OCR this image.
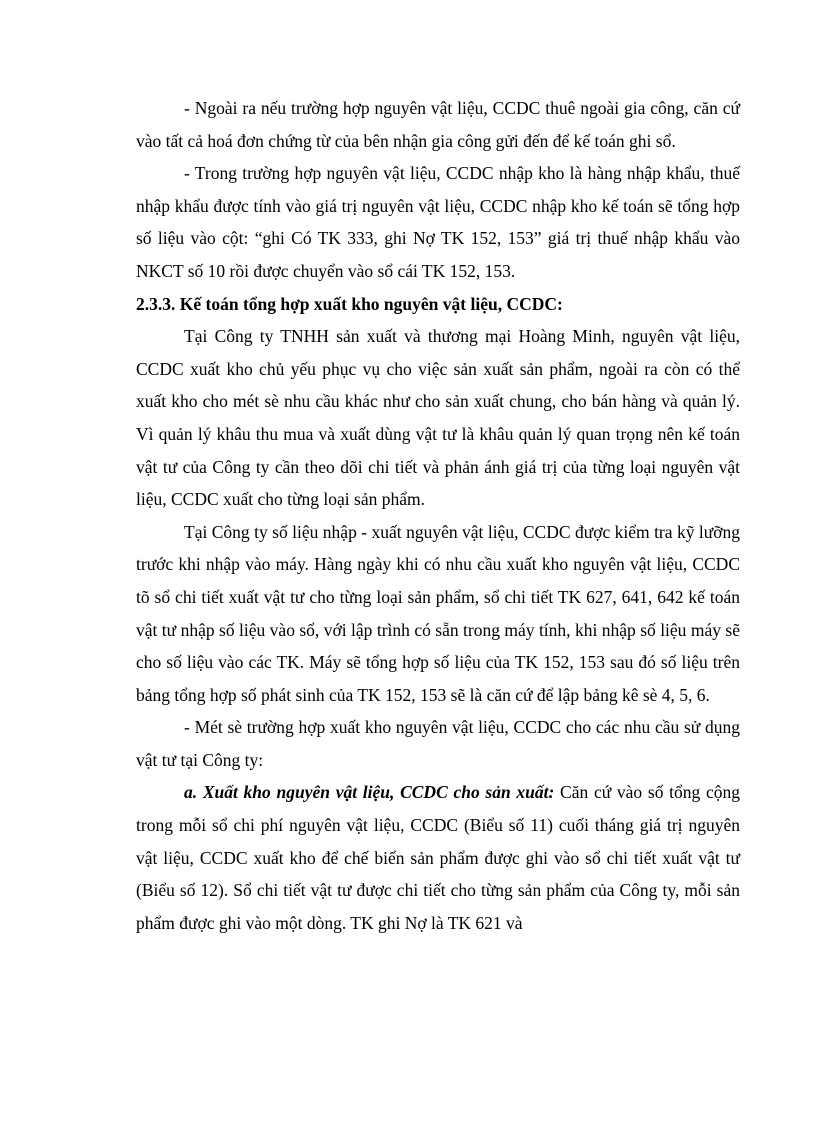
- Ngoài ra nếu trường hợp nguyên vật liệu, CCDC thuê ngoài gia công, căn cứ vào tất cả hoá đơn chứng từ của bên nhận gia công gửi đến để kế toán ghi sổ.

- Trong trường hợp nguyên vật liệu, CCDC nhập kho là hàng nhập khẩu, thuế nhập khẩu được tính vào giá trị nguyên vật liệu, CCDC nhập kho kế toán sẽ tổng hợp số liệu vào cột: “ghi Có TK 333, ghi Nợ TK 152, 153” giá trị thuế nhập khẩu vào NKCT số 10 rồi được chuyển vào sổ cái TK 152, 153.

2.3.3. Kế toán tổng hợp xuất kho nguyên vật liệu, CCDC:

Tại Công ty TNHH sản xuất và thương mại Hoàng Minh, nguyên vật liệu, CCDC xuất kho chủ yếu phục vụ cho việc sản xuất sản phẩm, ngoài ra còn có thể xuất kho cho mét sè nhu cầu khác như cho sản xuất chung, cho bán hàng và quản lý. Vì quản lý khâu thu mua và xuất dùng vật tư là khâu quản lý quan trọng nên kế toán vật tư của Công ty cần theo dõi chi tiết và phản ánh giá trị của từng loại nguyên vật liệu, CCDC xuất cho từng loại sản phẩm.

Tại Công ty số liệu nhập - xuất nguyên vật liệu, CCDC được kiểm tra kỹ lưỡng trước khi nhập vào máy. Hàng ngày khi có nhu cầu xuất kho nguyên vật liệu, CCDC tõ sổ chi tiết xuất vật tư cho từng loại sản phẩm, sổ chi tiết TK 627, 641, 642 kế toán vật tư nhập số liệu vào sổ, với lập trình có sẵn trong máy tính, khi nhập số liệu máy sẽ cho số liệu vào các TK. Máy sẽ tổng hợp số liệu của TK 152, 153 sau đó số liệu trên bảng tổng hợp số phát sinh của TK 152, 153 sẽ là căn cứ để lập bảng kê sè 4, 5, 6.

- Mét sè trường hợp xuất kho nguyên vật liệu, CCDC cho các nhu cầu sử dụng vật tư tại Công ty:

a. Xuất kho nguyên vật liệu, CCDC cho sản xuất: Căn cứ vào số tổng cộng trong mỗi sổ chi phí nguyên vật liệu, CCDC (Biểu số 11) cuối tháng giá trị nguyên vật liệu, CCDC xuất kho để chế biến sản phẩm được ghi vào sổ chi tiết xuất vật tư (Biểu số 12). Sổ chi tiết vật tư được chi tiết cho từng sản phẩm của Công ty, mỗi sản phẩm được ghi vào một dòng. TK ghi Nợ là TK 621 và
